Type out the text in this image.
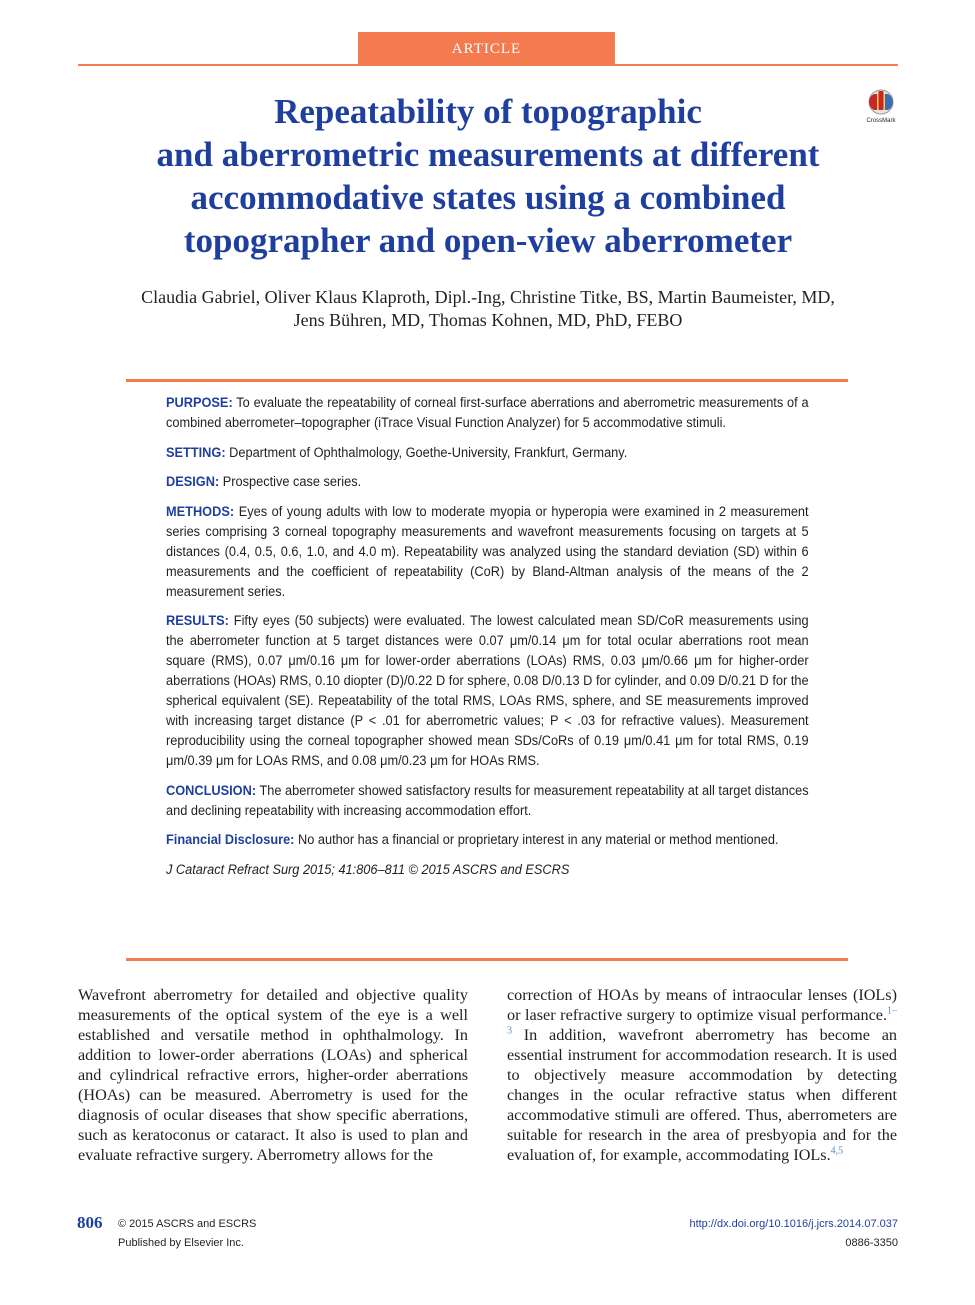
ARTICLE
Repeatability of topographic
and aberrometric measurements at different
accommodative states using a combined
topographer and open-view aberrometer
CrossMark

Claudia Gabriel, Oliver Klaus Klaproth, Dipl.-Ing, Christine Titke, BS, Martin Baumeister, MD,
Jens Bühren, MD, Thomas Kohnen, MD, PhD, FEBO

PURPOSE: To evaluate the repeatability of corneal first-surface aberrations and aberrometric measurements of a combined aberrometer–topographer (iTrace Visual Function Analyzer) for 5 accommodative stimuli.

SETTING: Department of Ophthalmology, Goethe-University, Frankfurt, Germany.

DESIGN: Prospective case series.

METHODS: Eyes of young adults with low to moderate myopia or hyperopia were examined in 2 measurement series comprising 3 corneal topography measurements and wavefront measurements focusing on targets at 5 distances (0.4, 0.5, 0.6, 1.0, and 4.0 m). Repeatability was analyzed using the standard deviation (SD) within 6 measurements and the coefficient of repeatability (CoR) by Bland-Altman analysis of the means of the 2 measurement series.

RESULTS: Fifty eyes (50 subjects) were evaluated. The lowest calculated mean SD/CoR measurements using the aberrometer function at 5 target distances were 0.07 μm/0.14 μm for total ocular aberrations root mean square (RMS), 0.07 μm/0.16 μm for lower-order aberrations (LOAs) RMS, 0.03 μm/0.66 μm for higher-order aberrations (HOAs) RMS, 0.10 diopter (D)/0.22 D for sphere, 0.08 D/0.13 D for cylinder, and 0.09 D/0.21 D for the spherical equivalent (SE). Repeatability of the total RMS, LOAs RMS, sphere, and SE measurements improved with increasing target distance (P < .01 for aberrometric values; P < .03 for refractive values). Measurement reproducibility using the corneal topographer showed mean SDs/CoRs of 0.19 μm/0.41 μm for total RMS, 0.19 μm/0.39 μm for LOAs RMS, and 0.08 μm/0.23 μm for HOAs RMS.

CONCLUSION: The aberrometer showed satisfactory results for measurement repeatability at all target distances and declining repeatability with increasing accommodation effort.

Financial Disclosure: No author has a financial or proprietary interest in any material or method mentioned.

J Cataract Refract Surg 2015; 41:806–811 © 2015 ASCRS and ESCRS

Wavefront aberrometry for detailed and objective quality measurements of the optical system of the eye is a well established and versatile method in ophthalmology. In addition to lower-order aberrations (LOAs) and spherical and cylindrical refractive errors, higher-order aberrations (HOAs) can be measured. Aberrometry is used for the diagnosis of ocular diseases that show specific aberrations, such as keratoconus or cataract. It also is used to plan and evaluate refractive surgery. Aberrometry allows for the

correction of HOAs by means of intraocular lenses (IOLs) or laser refractive surgery to optimize visual performance.$^{1-3}$ In addition, wavefront aberrometry has become an essential instrument for accommodation research. It is used to objectively measure accommodation by detecting changes in the ocular refractive status when different accommodative stimuli are offered. Thus, aberrometers are suitable for research in the area of presbyopia and for the evaluation of, for example, accommodating IOLs.$^{4,5}$

806 © 2015 ASCRS and ESCRS
Published by Elsevier Inc.
http://dx.doi.org/10.1016/j.jcrs.2014.07.037
0886-3350
